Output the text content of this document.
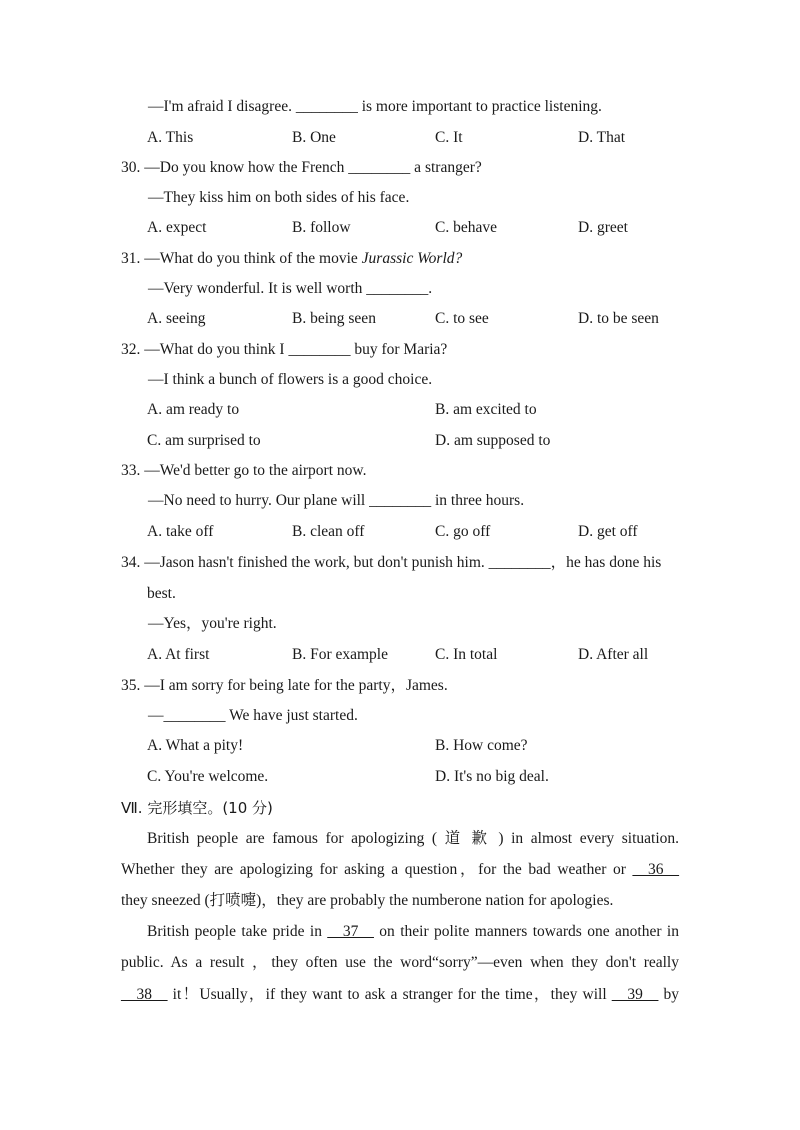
—I'm afraid I disagree. ________ is more important to practice listening.
A. This	B. One	C. It	D. That
30. —Do you know how the French ________ a stranger?
—They kiss him on both sides of his face.
A. expect	B. follow	C. behave	D. greet
31. —What do you think of the movie Jurassic World?
—Very wonderful. It is well worth ________.
A. seeing	B. being seen	C. to see	D. to be seen
32. —What do you think I ________ buy for Maria?
—I think a bunch of flowers is a good choice.
A. am ready to	B. am excited to
C. am surprised to	D. am supposed to
33. —We'd better go to the airport now.
—No need to hurry. Our plane will ________ in three hours.
A. take off	B. clean off	C. go off	D. get off
34. —Jason hasn't finished the work, but don't punish him. ________，he has done his
best.
—Yes，you're right.
A. At first	B. For example	C. In total	D. After all
35. —I am sorry for being late for the party，James.
—________ We have just started.
A. What a pity!	B. How come?
C. You're welcome.	D. It's no big deal.
Ⅶ. 完形填空。(10 分)
British people are famous for apologizing ( 道 歉 ) in almost every situation.
Whether they are apologizing for asking a question，for the bad weather or __36__
they sneezed (打喷嚏)，they are probably the numberone nation for apologies.
British people take pride in __37__ on their polite manners towards one another in
public. As a result ，they often use the word“sorry”—even when they don't really
__38__ it！Usually，if they want to ask a stranger for the time，they will __39__ by
